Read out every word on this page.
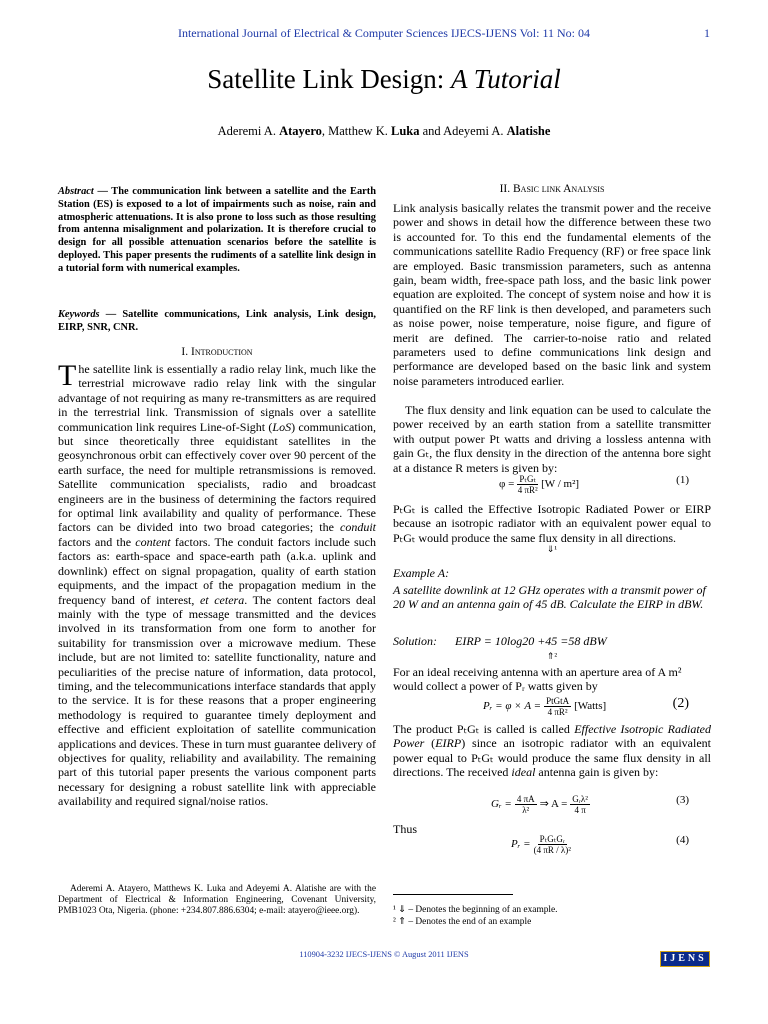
International Journal of Electrical & Computer Sciences IJECS-IJENS Vol: 11 No: 04	1
Satellite Link Design: A Tutorial
Aderemi A. Atayero, Matthew K. Luka and Adeyemi A. Alatishe
Abstract — The communication link between a satellite and the Earth Station (ES) is exposed to a lot of impairments such as noise, rain and atmospheric attenuations. It is also prone to loss such as those resulting from antenna misalignment and polarization. It is therefore crucial to design for all possible attenuation scenarios before the satellite is deployed. This paper presents the rudiments of a satellite link design in a tutorial form with numerical examples.
Keywords — Satellite communications, Link analysis, Link design, EIRP, SNR, CNR.
I. Introduction
The satellite link is essentially a radio relay link, much like the terrestrial microwave radio relay link with the singular advantage of not requiring as many re-transmitters as are required in the terrestrial link. Transmission of signals over a satellite communication link requires Line-of-Sight (LoS) communication, but since theoretically three equidistant satellites in the geosynchronous orbit can effectively cover over 90 percent of the earth surface, the need for multiple retransmissions is removed. Satellite communication specialists, radio and broadcast engineers are in the business of determining the factors required for optimal link availability and quality of performance. These factors can be divided into two broad categories; the conduit factors and the content factors. The conduit factors include such factors as: earth-space and space-earth path (a.k.a. uplink and downlink) effect on signal propagation, quality of earth station equipments, and the impact of the propagation medium in the frequency band of interest, et cetera. The content factors deal mainly with the type of message transmitted and the devices involved in its transformation from one form to another for suitability for transmission over a microwave medium. These include, but are not limited to: satellite functionality, nature and peculiarities of the precise nature of information, data protocol, timing, and the telecommunications interface standards that apply to the service. It is for these reasons that a proper engineering methodology is required to guarantee timely deployment and effective and efficient exploitation of satellite communication applications and devices. These in turn must guarantee delivery of objectives for quality, reliability and availability. The remaining part of this tutorial paper presents the various component parts necessary for designing a robust satellite link with appreciable availability and required signal/noise ratios.
Aderemi A. Atayero, Matthews K. Luka and Adeyemi A. Alatishe are with the Department of Electrical & Information Engineering, Covenant University, PMB1023 Ota, Nigeria. (phone: +234.807.886.6304; e-mail: atayero@ieee.org).
II. Basic link Analysis
Link analysis basically relates the transmit power and the receive power and shows in detail how the difference between these two is accounted for. To this end the fundamental elements of the communications satellite Radio Frequency (RF) or free space link are employed. Basic transmission parameters, such as antenna gain, beam width, free-space path loss, and the basic link power equation are exploited. The concept of system noise and how it is quantified on the RF link is then developed, and parameters such as noise power, noise temperature, noise figure, and figure of merit are defined. The carrier-to-noise ratio and related parameters used to define communications link design and performance are developed based on the basic link and system noise parameters introduced earlier.
The flux density and link equation can be used to calculate the power received by an earth station from a satellite transmitter with output power Pt watts and driving a lossless antenna with gain Gₜ, the flux density in the direction of the antenna bore sight at a distance R meters is given by:
$\varphi = \frac{\text{PₜGₜ}}{\text{4 πR²}} [W / m^2]$	(1)
PₜGₜ is called the Effective Isotropic Radiated Power or EIRP because an isotropic radiator with an equivalent power equal to PₜGₜ would produce the same flux density in all directions.
⇓¹
Example A:
A satellite downlink at 12 GHz operates with a transmit power of 20 W and an antenna gain of 45 dB. Calculate the EIRP in dBW.
Solution: EIRP = 10log20 +45 =58 dBW
⇑²
For an ideal receiving antenna with an aperture area of A m² would collect a power of Pᵣ watts given by
Pᵣ = $\varphi \times A = \frac{\text{PtGtA}}{\text{4 πR²}}$ [Watts]	(2)
The product PₜGₜ is called is called Effective Isotropic Radiated Power (EIRP) since an isotropic radiator with an equivalent power equal to PₜGₜ would produce the same flux density in all directions. The received ideal antenna gain is given by:
Gᵣ = $\frac{4 \pi A}{\text{λ²}}$ ⇒ $A = \frac{\text{Gᵣλ²}}{4 \pi}$	(3)
Thus
Pᵣ = $\frac{\text{PₜGₜGᵣ}}{\text{(4 πR / λ)²}}$	(4)
¹ ⇓ – Denotes the beginning of an example.
² ⇑ – Denotes the end of an example
110904-3232 IJECS-IJENS © August 2011 IJENS	IJENS
